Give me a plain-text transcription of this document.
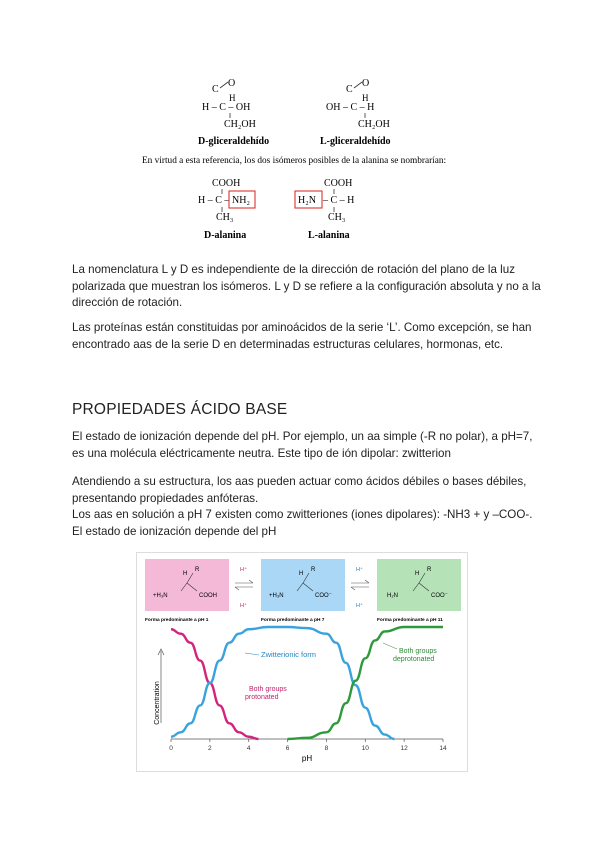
O
C
H
H – C – OH
CH₂OH
D-gliceraldehído
O
C
H
OH – C – H
CH₂OH
L-gliceraldehído
En virtud a esta referencia, los dos isómeros posibles de la alanina se nombrarían:
COOH
H – C – NH₂
CH₃
D-alanina
COOH
H₂N – C – H
CH₃
L-alanina

La nomenclatura L y D es independiente de la dirección de rotación del plano de la luz polarizada que muestran los isómeros. L y D se refiere a la configuración absoluta y no a la dirección de rotación.

Las proteínas están constituidas por aminoácidos de la serie ‘L’. Como excepción, se han encontrado aas de la serie D en determinadas estructuras celulares, hormonas, etc.

PROPIEDADES ÁCIDO BASE

El estado de ionización depende del pH. Por ejemplo, un aa simple (-R no polar), a pH=7, es una molécula eléctricamente neutra. Este tipo de ión dipolar: zwitterion

Atendiendo a su estructura, los aas pueden actuar como ácidos débiles o bases débiles, presentando propiedades anfóteras.

Los aas en solución a pH 7 existen como zwitteriones (iones dipolares): -NH3 + y –COO-. El estado de ionización depende del pH

H
R
+H₃N	COOH
H
R
+H₃N	COO⁻
H
R
H₂N	COO⁻
H⁺
H⁺
H⁺
H⁺
Forma predominante a pH 1	Forma predominante a pH 7	Forma predominante a pH 11
0	2	4	6	8	10	12	14
pH
Concentration
Zwitterionic form
Both groups protonated
Both groups deprotonated
